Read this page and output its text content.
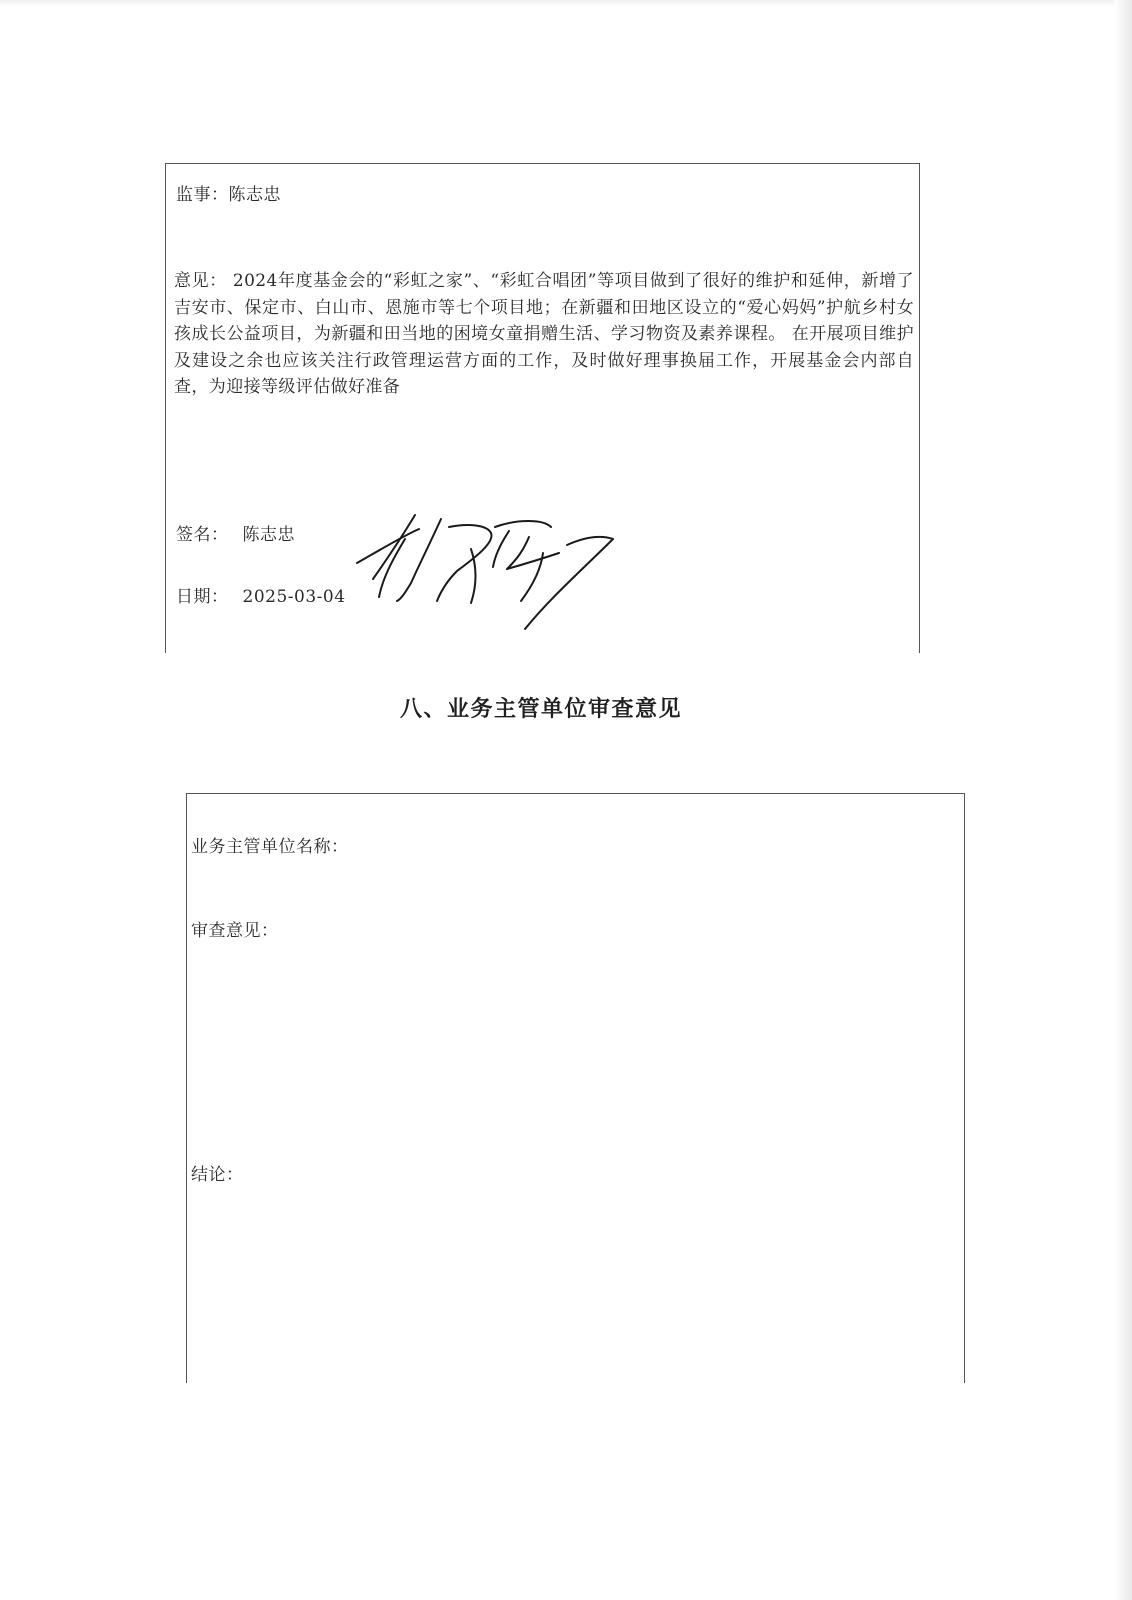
监事：陈志忠
意见： 2024年度基金会的“彩虹之家”、“彩虹合唱团”等项目做到了很好的维护和延伸，新增了吉安市、保定市、白山市、恩施市等七个项目地；在新疆和田地区设立的“爱心妈妈”护航乡村女孩成长公益项目，为新疆和田当地的困境女童捐赠生活、学习物资及素养课程。 在开展项目维护及建设之余也应该关注行政管理运营方面的工作，及时做好理事换届工作，开展基金会内部自查，为迎接等级评估做好准备
签名： 陈志忠
日期： 2025-03-04
八、业务主管单位审查意见
业务主管单位名称：
审查意见：
结论：
